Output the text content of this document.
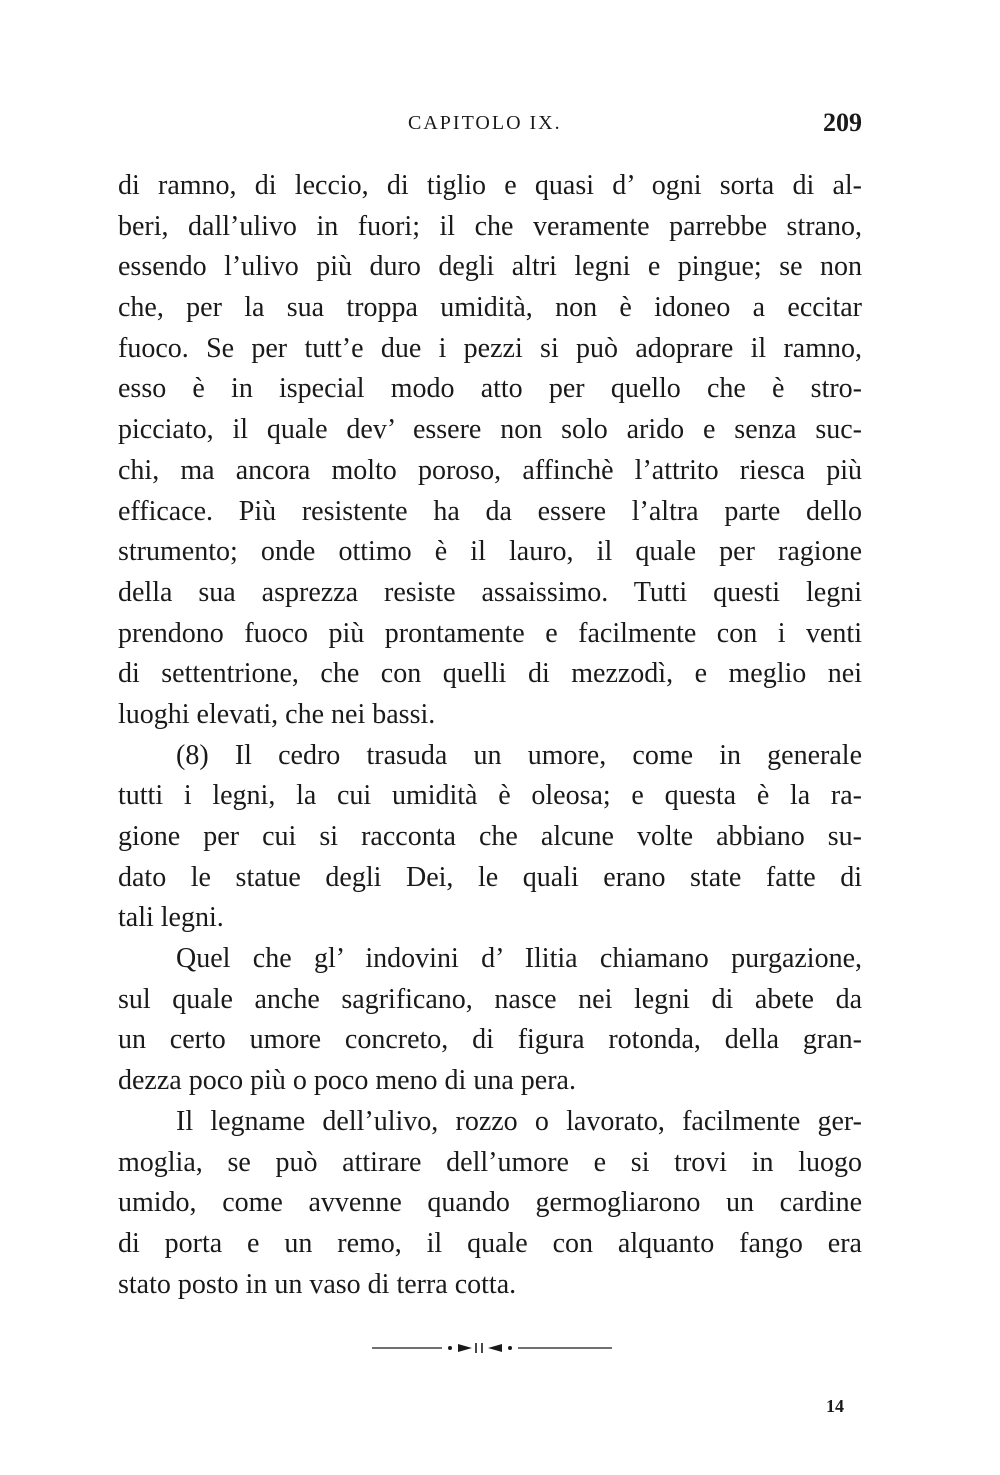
CAPITOLO IX.	209
di ramno, di leccio, di tiglio e quasi d’ ogni sorta di al-
beri, dall’ulivo in fuori; il che veramente parrebbe strano,
essendo l’ulivo più duro degli altri legni e pingue; se non
che, per la sua troppa umidità, non è idoneo a eccitar
fuoco. Se per tutt’e due i pezzi si può adoprare il ramno,
esso è in ispecial modo atto per quello che è stro-
picciato, il quale dev’ essere non solo arido e senza suc-
chi, ma ancora molto poroso, affinchè l’attrito riesca più
efficace. Più resistente ha da essere l’altra parte dello
strumento; onde ottimo è il lauro, il quale per ragione
della sua asprezza resiste assaissimo. Tutti questi legni
prendono fuoco più prontamente e facilmente con i venti
di settentrione, che con quelli di mezzodì, e meglio nei
luoghi elevati, che nei bassi.
(8) Il cedro trasuda un umore, come in generale
tutti i legni, la cui umidità è oleosa; e questa è la ra-
gione per cui si racconta che alcune volte abbiano su-
dato le statue degli Dei, le quali erano state fatte di
tali legni.
Quel che gl’ indovini d’ Ilitia chiamano purgazione,
sul quale anche sagrificano, nasce nei legni di abete da
un certo umore concreto, di figura rotonda, della gran-
dezza poco più o poco meno di una pera.
Il legname dell’ulivo, rozzo o lavorato, facilmente ger-
moglia, se può attirare dell’umore e si trovi in luogo
umido, come avvenne quando germogliarono un cardine
di porta e un remo, il quale con alquanto fango era
stato posto in un vaso di terra cotta.
14
